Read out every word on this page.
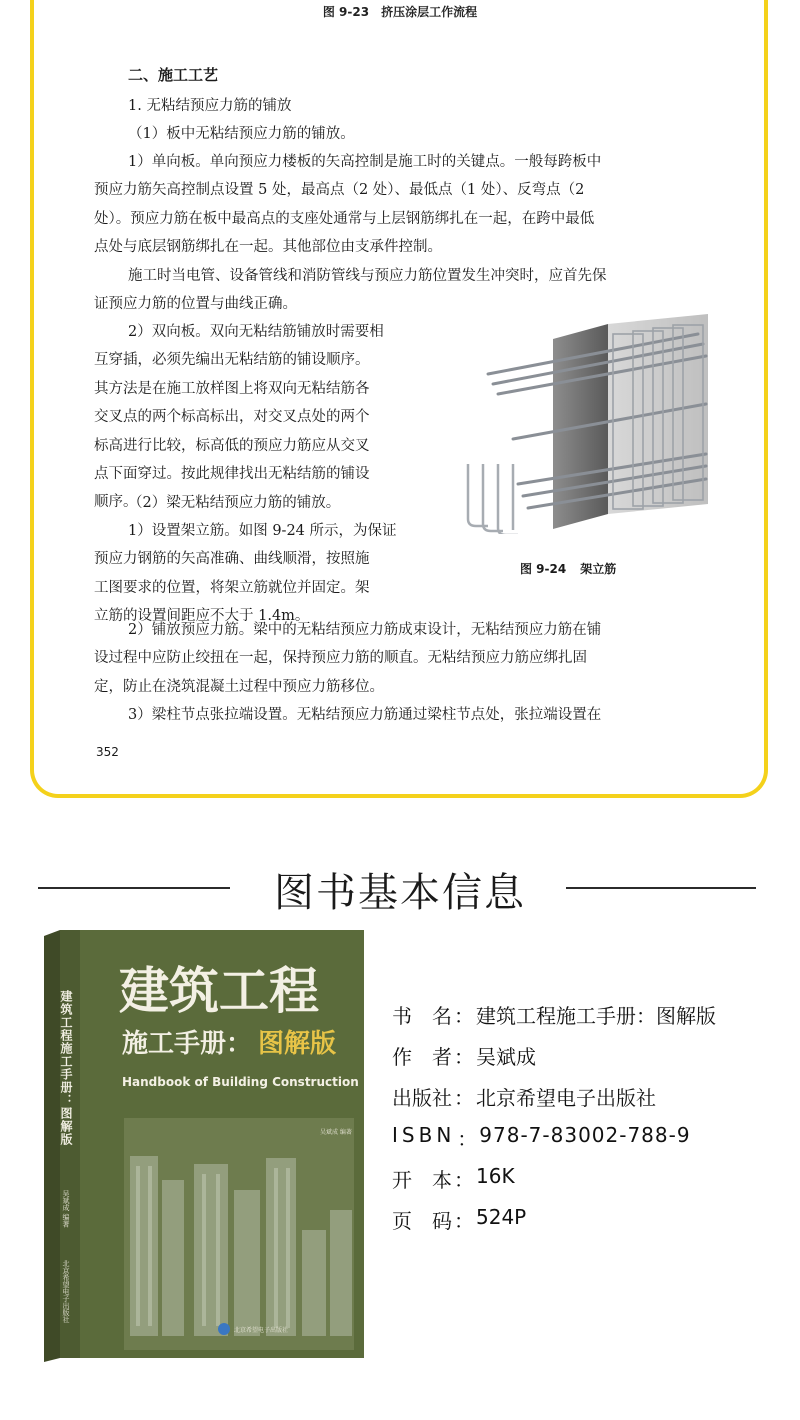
图 9-23 挤压涂层工作流程
二、施工工艺
1. 无粘结预应力筋的铺放
（1）板中无粘结预应力筋的铺放。
1）单向板。单向预应力楼板的矢高控制是施工时的关键点。一般每跨板中
预应力筋矢高控制点设置 5 处，最高点（2 处）、最低点（1 处）、反弯点（2
处）。预应力筋在板中最高点的支座处通常与上层钢筋绑扎在一起，在跨中最低
点处与底层钢筋绑扎在一起。其他部位由支承件控制。
施工时当电管、设备管线和消防管线与预应力筋位置发生冲突时，应首先保
证预应力筋的位置与曲线正确。
2）双向板。双向无粘结筋铺放时需要相
互穿插，必须先编出无粘结筋的铺设顺序。
其方法是在施工放样图上将双向无粘结筋各
交叉点的两个标高标出，对交叉点处的两个
标高进行比较，标高低的预应力筋应从交叉
点下面穿过。按此规律找出无粘结筋的铺设
顺序。
（2）梁无粘结预应力筋的铺放。
1）设置架立筋。如图 9-24 所示，为保证
预应力钢筋的矢高准确、曲线顺滑，按照施
工图要求的位置，将架立筋就位并固定。架
立筋的设置间距应不大于 1.4m。
2）铺放预应力筋。梁中的无粘结预应力筋成束设计，无粘结预应力筋在铺
设过程中应防止绞扭在一起，保持预应力筋的顺直。无粘结预应力筋应绑扎固
定，防止在浇筑混凝土过程中预应力筋移位。
3）梁柱节点张拉端设置。无粘结预应力筋通过梁柱节点处，张拉端设置在
图 9-24 架立筋
352
图书基本信息
建筑工程
施工手册： 图解版
Handbook of Building Construction
吴斌成 编著
北京希望电子出版社
建筑工程施工手册：图解版
吴斌成 编著
北京希望电子出版社
书　名 ： 建筑工程施工手册：图解版
作　者 ： 吴斌成
出版社 ： 北京希望电子出版社
ISBN ： 978-7-83002-788-9
开　本 ： 16K
页　码 ： 524P
